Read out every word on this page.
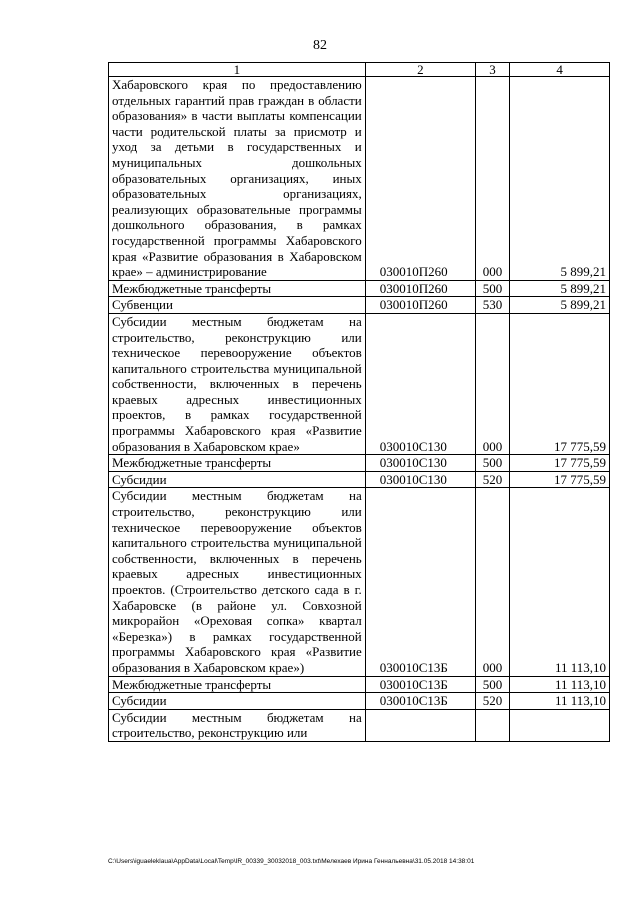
82
1	2	3	4
Хабаровского края по предоставлению отдельных гарантий прав граждан в области образования» в части выплаты компенсации части родительской платы за присмотр и уход за детьми в государственных и муниципальных дошкольных образовательных организациях, иных образовательных организациях, реализующих образовательные программы дошкольного образования, в рамках государственной программы Хабаровского края «Развитие образования в Хабаровском крае» – администрирование	030010П260	000	5 899,21
Межбюджетные трансферты	030010П260	500	5 899,21
Субвенции	030010П260	530	5 899,21
Субсидии местным бюджетам на строительство, реконструкцию или техническое перевооружение объектов капитального строительства муниципальной собственности, включенных в перечень краевых адресных инвестиционных проектов, в рамках государственной программы Хабаровского края «Развитие образования в Хабаровском крае»	030010С130	000	17 775,59
Межбюджетные трансферты	030010С130	500	17 775,59
Субсидии	030010С130	520	17 775,59
Субсидии местным бюджетам на строительство, реконструкцию или техническое перевооружение объектов капитального строительства муниципальной собственности, включенных в перечень краевых адресных инвестиционных проектов. (Строительство детского сада в г. Хабаровске (в районе ул. Совхозной микрорайон «Ореховая сопка» квартал «Березка») в рамках государственной программы Хабаровского края «Развитие образования в Хабаровском крае»)	030010С13Б	000	11 113,10
Межбюджетные трансферты	030010С13Б	500	11 113,10
Субсидии	030010С13Б	520	11 113,10
Субсидии местным бюджетам на строительство, реконструкцию или			
C:\Users\iguaeleklaua\AppData\Local\Temp\IR_00339_30032018_003.txt\Мелехаев Ирина Геннальевна\31.05.2018 14:38:01
